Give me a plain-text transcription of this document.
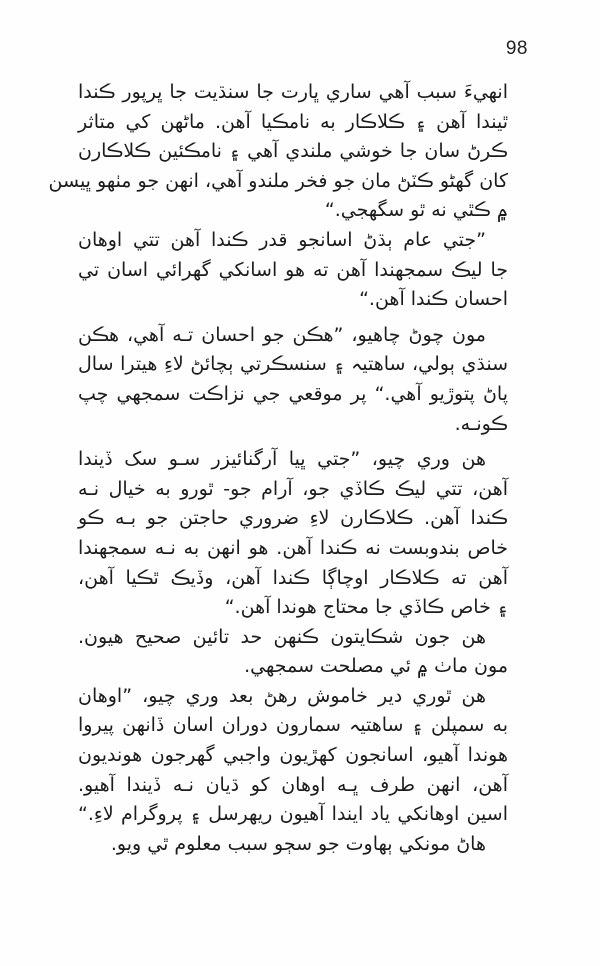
98
انهيءَ سبب آهي ساري ڀارت جا سنڌيت جا ڀرپور ڪندا
ٿيندا آهن ۽ ڪلاڪار به نامڪيا آهن. ماڻهن کي متاثر
ڪرڻ سان جا خوشي ملندي آهي ۽ نامڪئين ڪلاڪارن
کان گهڻو ڪٽڻ مان جو فخر ملندو آهي، انهن جو مٺهو ڀيسن
۾ ڪٿي نه ٿو سگهجي.“
”جتي عام ٻڌڻ اسانجو قدر ڪندا آهن تتي اوهان
جا ليڪ سمجهندا آهن ته هو اسانکي گهرائي اسان تي
احسان ڪندا آهن.“
مون چوڻ چاهيو، ”هڪن جو احسان تـه آهي، هڪن
سنڌي ٻولي، ساهتيہ ۽ سنسڪرتي ٻچائڻ لاءِ هيترا سال
پاڻ پتوڙيو آهي.“ پر موقعي جي نزاڪت سمجهي چپ
ڪونـه.
هن وري چيو، ”جتي ڀيا آرگنائيزر سـو سک ڏيندا
آهن، تتي ليڪ ڪاڏي جو، آرام جو- ٿورو به خيال نـه
ڪندا آهن. ڪلاڪارن لاءِ ضروري حاجتن جو بـه ڪو
خاص بندوبست نه ڪندا آهن. هو انهن به نـه سمجهندا
آهن ته ڪلاڪار اوچاڳا ڪندا آهن، وڏيڪ ٿڪيا آهن،
۽ خاص ڪاڏي جا محتاج هوندا آهن.“
هن جون شڪايتون ڪنهن حد تائين صحيح هيون.
مون ماٺ ۾ ئي مصلحت سمجهي.
هن ٿوري دير خاموش رهڻ بعد وري چيو، ”اوهان
به سمپلن ۽ ساهتيہ سمارون دوران اسان ڏانهن پيروا
هوندا آهيو، اسانجون کهڙيون واجبي گهرجون هونديون
آهن، انهن طرف ڀـه اوهان کو ڌيان نـه ڏيندا آهيو.
اسين اوهانکي ياد ايندا آهيون ريهرسل ۽ پروگرام لاءِ.“
هاڻ مونکي ٻهاوت جو سڄو سبب معلوم ٿي ويو.
